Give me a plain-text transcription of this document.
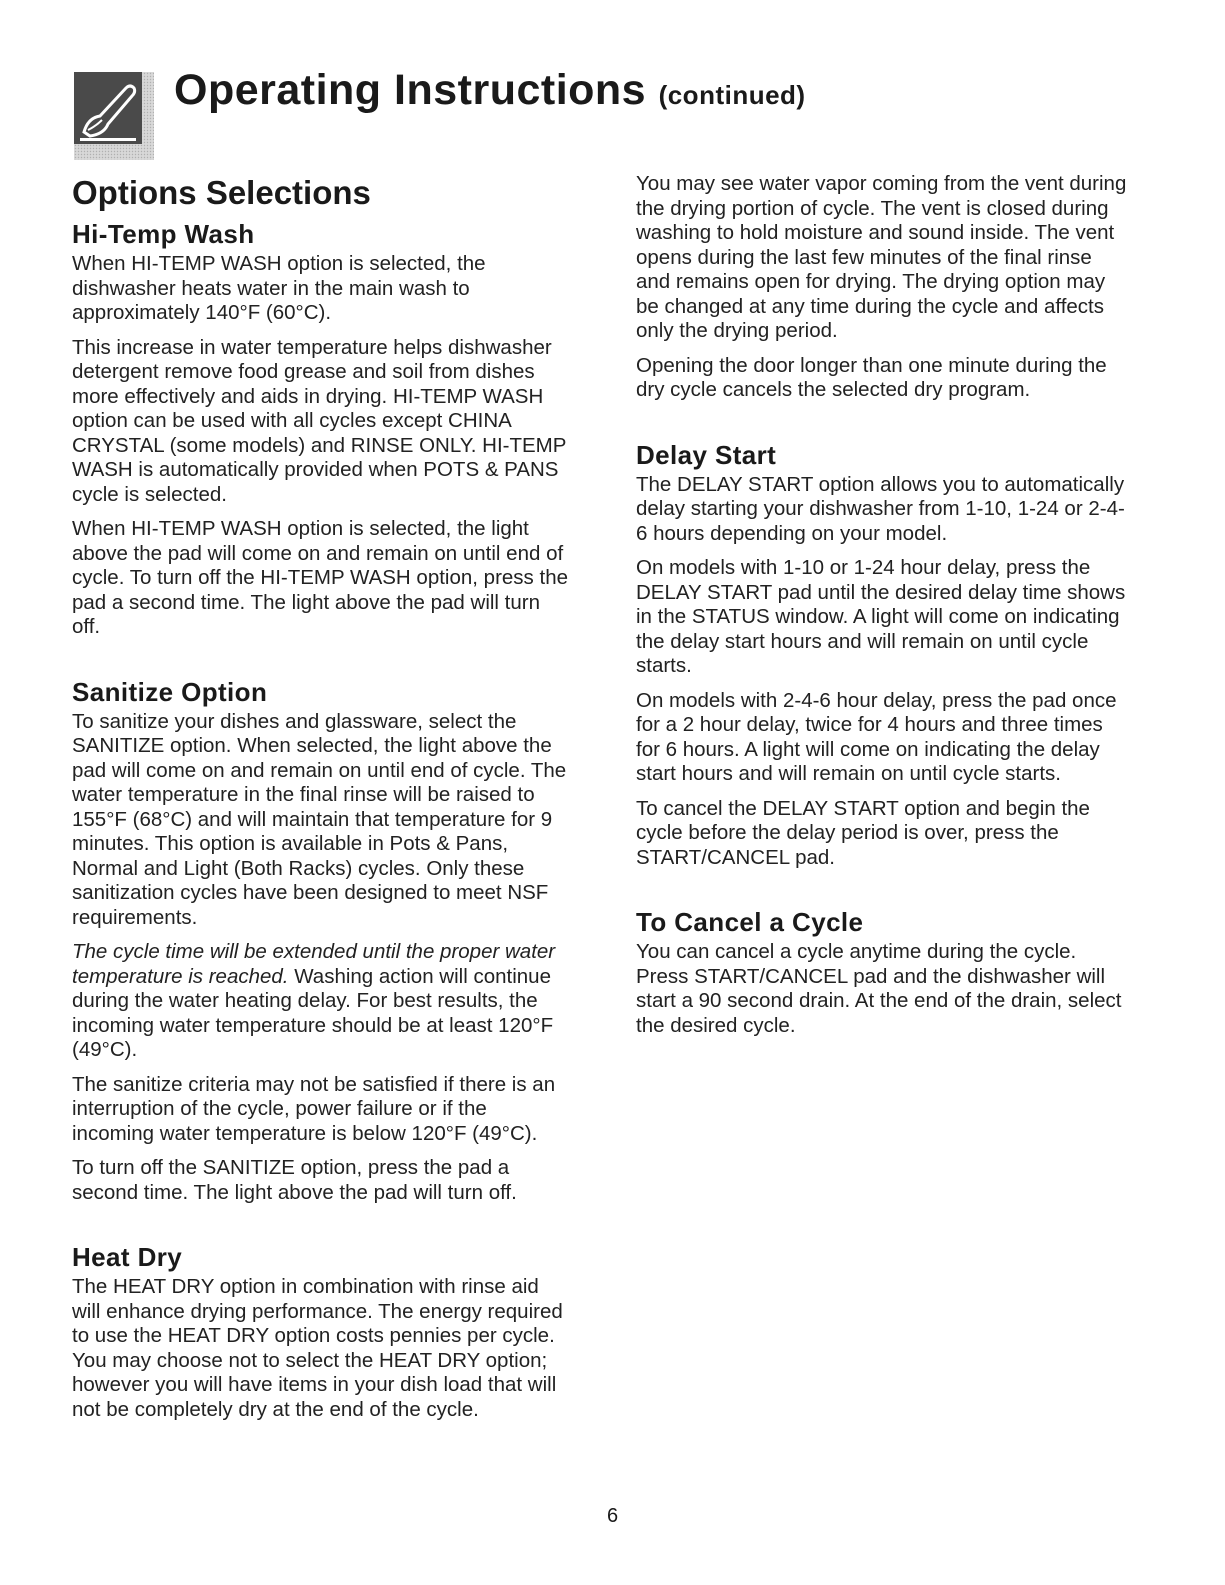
Operating Instructions (continued)
Options Selections
Hi-Temp Wash

When HI-TEMP WASH option is selected, the dishwasher heats water in the main wash to approximately 140°F (60°C).

This increase in water temperature helps dishwasher detergent remove food grease and soil from dishes more effectively and aids in drying. HI-TEMP WASH option can be used with all cycles except CHINA CRYSTAL (some models) and RINSE ONLY. HI-TEMP WASH is automatically provided when POTS & PANS cycle is selected.

When HI-TEMP WASH option is selected, the light above the pad will come on and remain on until end of cycle. To turn off the HI-TEMP WASH option, press the pad a second time. The light above the pad will turn off.

Sanitize Option

To sanitize your dishes and glassware, select the SANITIZE option. When selected, the light above the pad will come on and remain on until end of cycle. The water temperature in the final rinse will be raised to 155°F (68°C) and will maintain that temperature for 9 minutes. This option is available in Pots & Pans, Normal and Light (Both Racks) cycles. Only these sanitization cycles have been designed to meet NSF requirements.

The cycle time will be extended until the proper water temperature is reached. Washing action will continue during the water heating delay. For best results, the incoming water temperature should be at least 120°F (49°C).

The sanitize criteria may not be satisfied if there is an interruption of the cycle, power failure or if the incoming water temperature is below 120°F (49°C).

To turn off the SANITIZE option, press the pad a second time. The light above the pad will turn off.

Heat Dry

The HEAT DRY option in combination with rinse aid will enhance drying performance. The energy required to use the HEAT DRY option costs pennies per cycle. You may choose not to select the HEAT DRY option; however you will have items in your dish load that will not be completely dry at the end of the cycle.

You may see water vapor coming from the vent during the drying portion of cycle. The vent is closed during washing to hold moisture and sound inside. The vent opens during the last few minutes of the final rinse and remains open for drying. The drying option may be changed at any time during the cycle and affects only the drying period.

Opening the door longer than one minute during the dry cycle cancels the selected dry program.

Delay Start

The DELAY START option allows you to automatically delay starting your dishwasher from 1-10, 1-24 or 2-4-6 hours depending on your model.

On models with 1-10 or 1-24 hour delay, press the DELAY START pad until the desired delay time shows in the STATUS window. A light will come on indicating the delay start hours and will remain on until cycle starts.

On models with 2-4-6 hour delay, press the pad once for a 2 hour delay, twice for 4 hours and three times for 6 hours. A light will come on indicating the delay start hours and will remain on until cycle starts.

To cancel the DELAY START option and begin the cycle before the delay period is over, press the START/CANCEL pad.

To Cancel a Cycle

You can cancel a cycle anytime during the cycle. Press START/CANCEL pad and the dishwasher will start a 90 second drain. At the end of the drain, select the desired cycle.

6
